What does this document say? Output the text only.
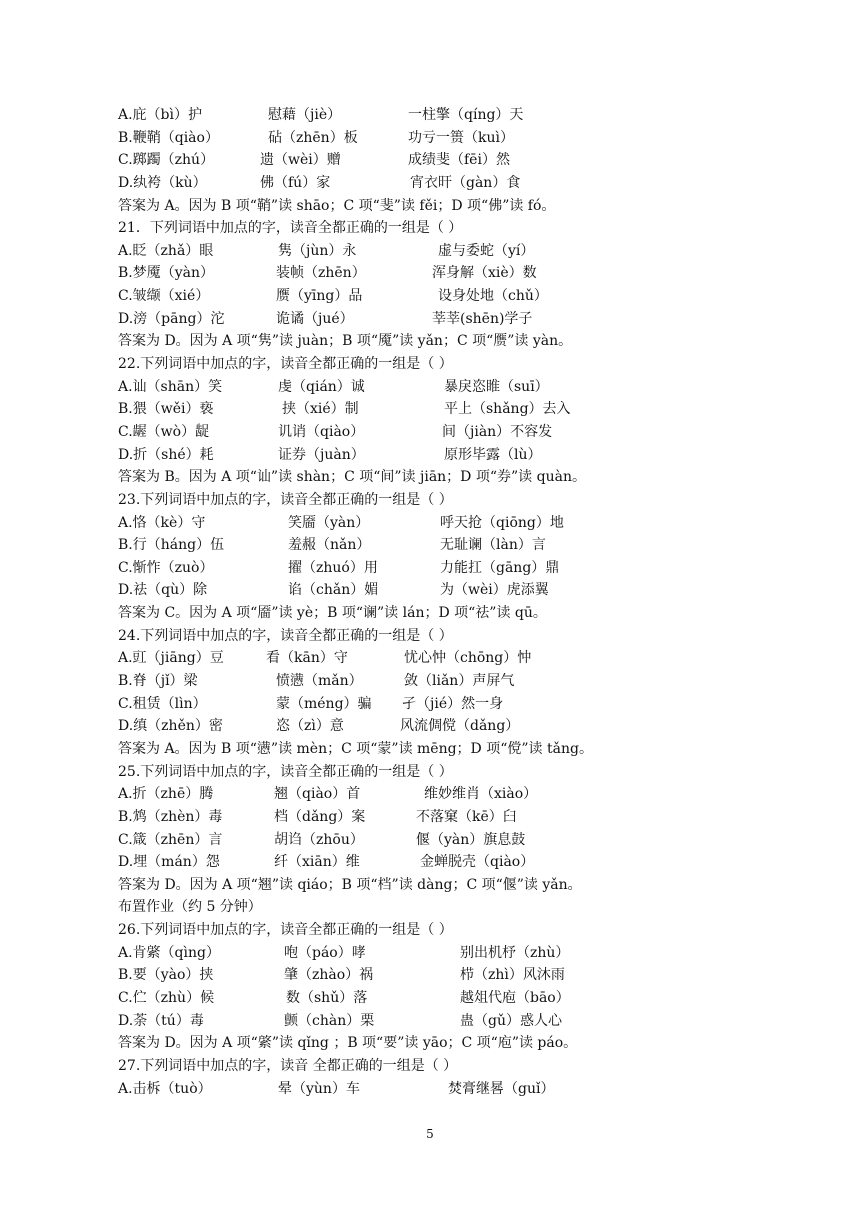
A.庇（bì）护	慰藉（jiè）	一柱擎（qíng）天
B.鞭鞘（qiào）	砧（zhēn）板	功亏一篑（kuì）
C.踯躅（zhú）	遗（wèi）赠	成绩斐（fēi）然
D.纨袴（kù）	佛（fú）家	宵衣旰（gàn）食
答案为 A。因为 B 项“鞘”读 shāo；C 项“斐”读 fěi；D 项“佛”读 fó。
21．下列词语中加点的字，读音全都正确的一组是（ ）
A.眨（zhǎ）眼	隽（jùn）永	虚与委蛇（yí）
B.梦魇（yàn）	装帧（zhēn）	浑身解（xiè）数
C.皱缬（xié）	赝（yīng）品	设身处地（chǔ）
D.滂（pāng）沱	诡谲（jué）	莘莘(shēn)学子
答案为 D。因为 A 项“隽”读 juàn；B 项“魇”读 yǎn；C 项“赝”读 yàn。
22.下列词语中加点的字，读音全都正确的一组是（ ）
A.讪（shān）笑	虔（qián）诚	暴戾恣睢（suī）
B.猥（wěi）亵	挟（xié）制	平上（shǎng）去入
C.龌（wò）龊	讥诮（qiào）	间（jiàn）不容发
D.折（shé）耗	证券（juàn）	原形毕露（lù）
答案为 B。因为 A 项“讪”读 shàn；C 项“间”读 jiān；D 项“券”读 quàn。
23.下列词语中加点的字，读音全都正确的一组是（ ）
A.恪（kè）守	笑靥（yàn）	呼天抢（qiōng）地
B.行（háng）伍	羞赧（nǎn）	无耻谰（làn）言
C.惭怍（zuò）	擢（zhuó）用	力能扛（gāng）鼎
D.祛（qù）除	谄（chǎn）媚	为（wèi）虎添翼
答案为 C。因为 A 项“靥”读 yè；B 项“谰”读 lán；D 项“祛”读 qū。
24.下列词语中加点的字，读音全都正确的一组是（ ）
A.豇（jiāng）豆	看（kān）守	忧心忡（chōng）忡
B.脊（jǐ）梁	愤懑（mǎn）	敛（liǎn）声屏气
C.租赁（lìn）	蒙（méng）骗 孑（jié）然一身
D.缜（zhěn）密	恣（zì）意	风流倜傥（dǎng）
答案为 A。因为 B 项“懑”读 mèn；C 项“蒙”读 mēng；D 项“傥”读 tǎng。
25.下列词语中加点的字，读音全都正确的一组是（ ）
A.折（zhē）腾	翘（qiào）首	维妙维肖（xiào）
B.鸩（zhèn）毒	档（dǎng）案	不落窠（kē）臼
C.箴（zhēn）言	胡诌（zhōu）	偃（yàn）旗息鼓
D.埋（mán）怨	纤（xiān）维	金蝉脱壳（qiào）
答案为 D。因为 A 项“翘”读 qiáo；B 项“档”读 dàng；C 项“偃”读 yǎn。
布置作业（约 5 分钟）
26.下列词语中加点的字，读音全都正确的一组是（ ）
A.肯綮（qìng）	咆（páo）哮	别出机杼（zhù）
B.要（yào）挟	肇（zhào）祸	栉（zhì）风沐雨
C.伫（zhù）候	数（shǔ）落	越俎代庖（bāo）
D.荼（tú）毒	颤（chàn）栗	蛊（gǔ）惑人心
答案为 D。因为 A 项“綮”读 qǐng ；B 项“要”读 yāo；C 项“庖”读 páo。
27.下列词语中加点的字，读音 全都正确的一组是（ ）
A.击柝（tuò）	晕（yùn）车	焚膏继晷（guǐ）
5
